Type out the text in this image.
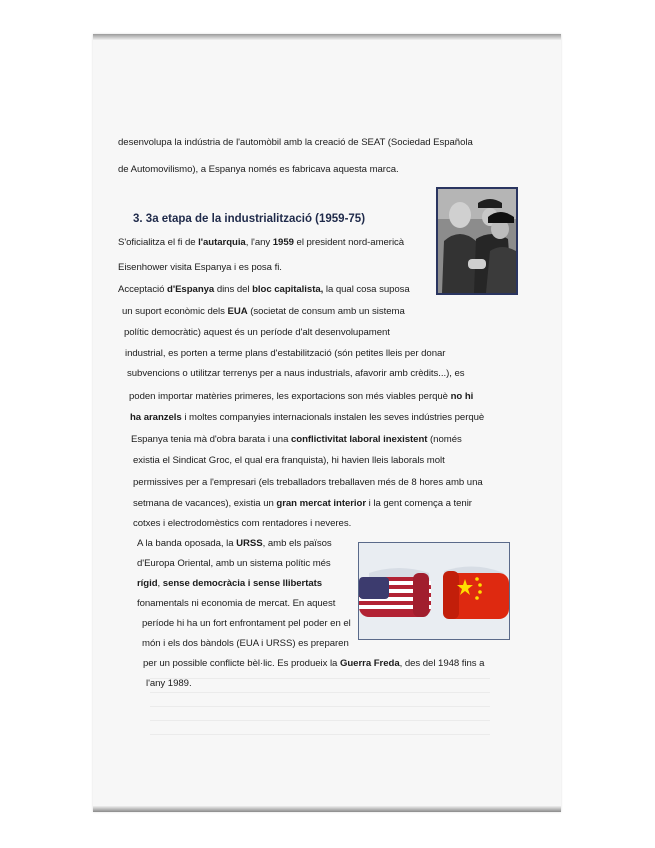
desenvolupa la indústria de l'automòbil amb la creació de SEAT (Sociedad Española
de Automovilismo), a Espanya només es fabricava aquesta marca.
3. 3a etapa de la industrialització (1959-75)
S'oficialitza el fi de l'autarquia, l'any 1959 el president nord-americà
Eisenhower visita Espanya i es posa fi.
Acceptació d'Espanya dins del bloc capitalista, la qual cosa suposa
un suport econòmic dels EUA (societat de consum amb un sistema
polític democràtic) aquest és un període d'alt desenvolupament
industrial, es porten a terme plans d'estabilització (són petites lleis per donar
subvencions o utilitzar terrenys per a naus industrials, afavorir amb crèdits...), es
poden importar matèries primeres, les exportacions son més viables perquè no hi
ha aranzels i moltes companyies internacionals instalen les seves indústries perquè
Espanya tenia mà d'obra barata i una conflictivitat laboral inexistent (només
existia el Sindicat Groc, el qual era franquista), hi havien lleis laborals molt
permissives per a l'empresari (els treballadors treballaven més de 8 hores amb una
setmana de vacances), existia un gran mercat interior i la gent comença a tenir
cotxes i electrodomèstics com rentadores i neveres.
A la banda oposada, la URSS, amb els països
d'Europa Oriental, amb un sistema polític més
rígid, sense democràcia i sense llibertats
fonamentals ni economia de mercat. En aquest
període hi ha un fort enfrontament pel poder en el
món i els dos bàndols (EUA i URSS) es preparen
per un possible conflicte bèl·lic. Es produeix la Guerra Freda, des del 1948 fins a
l'any 1989.
